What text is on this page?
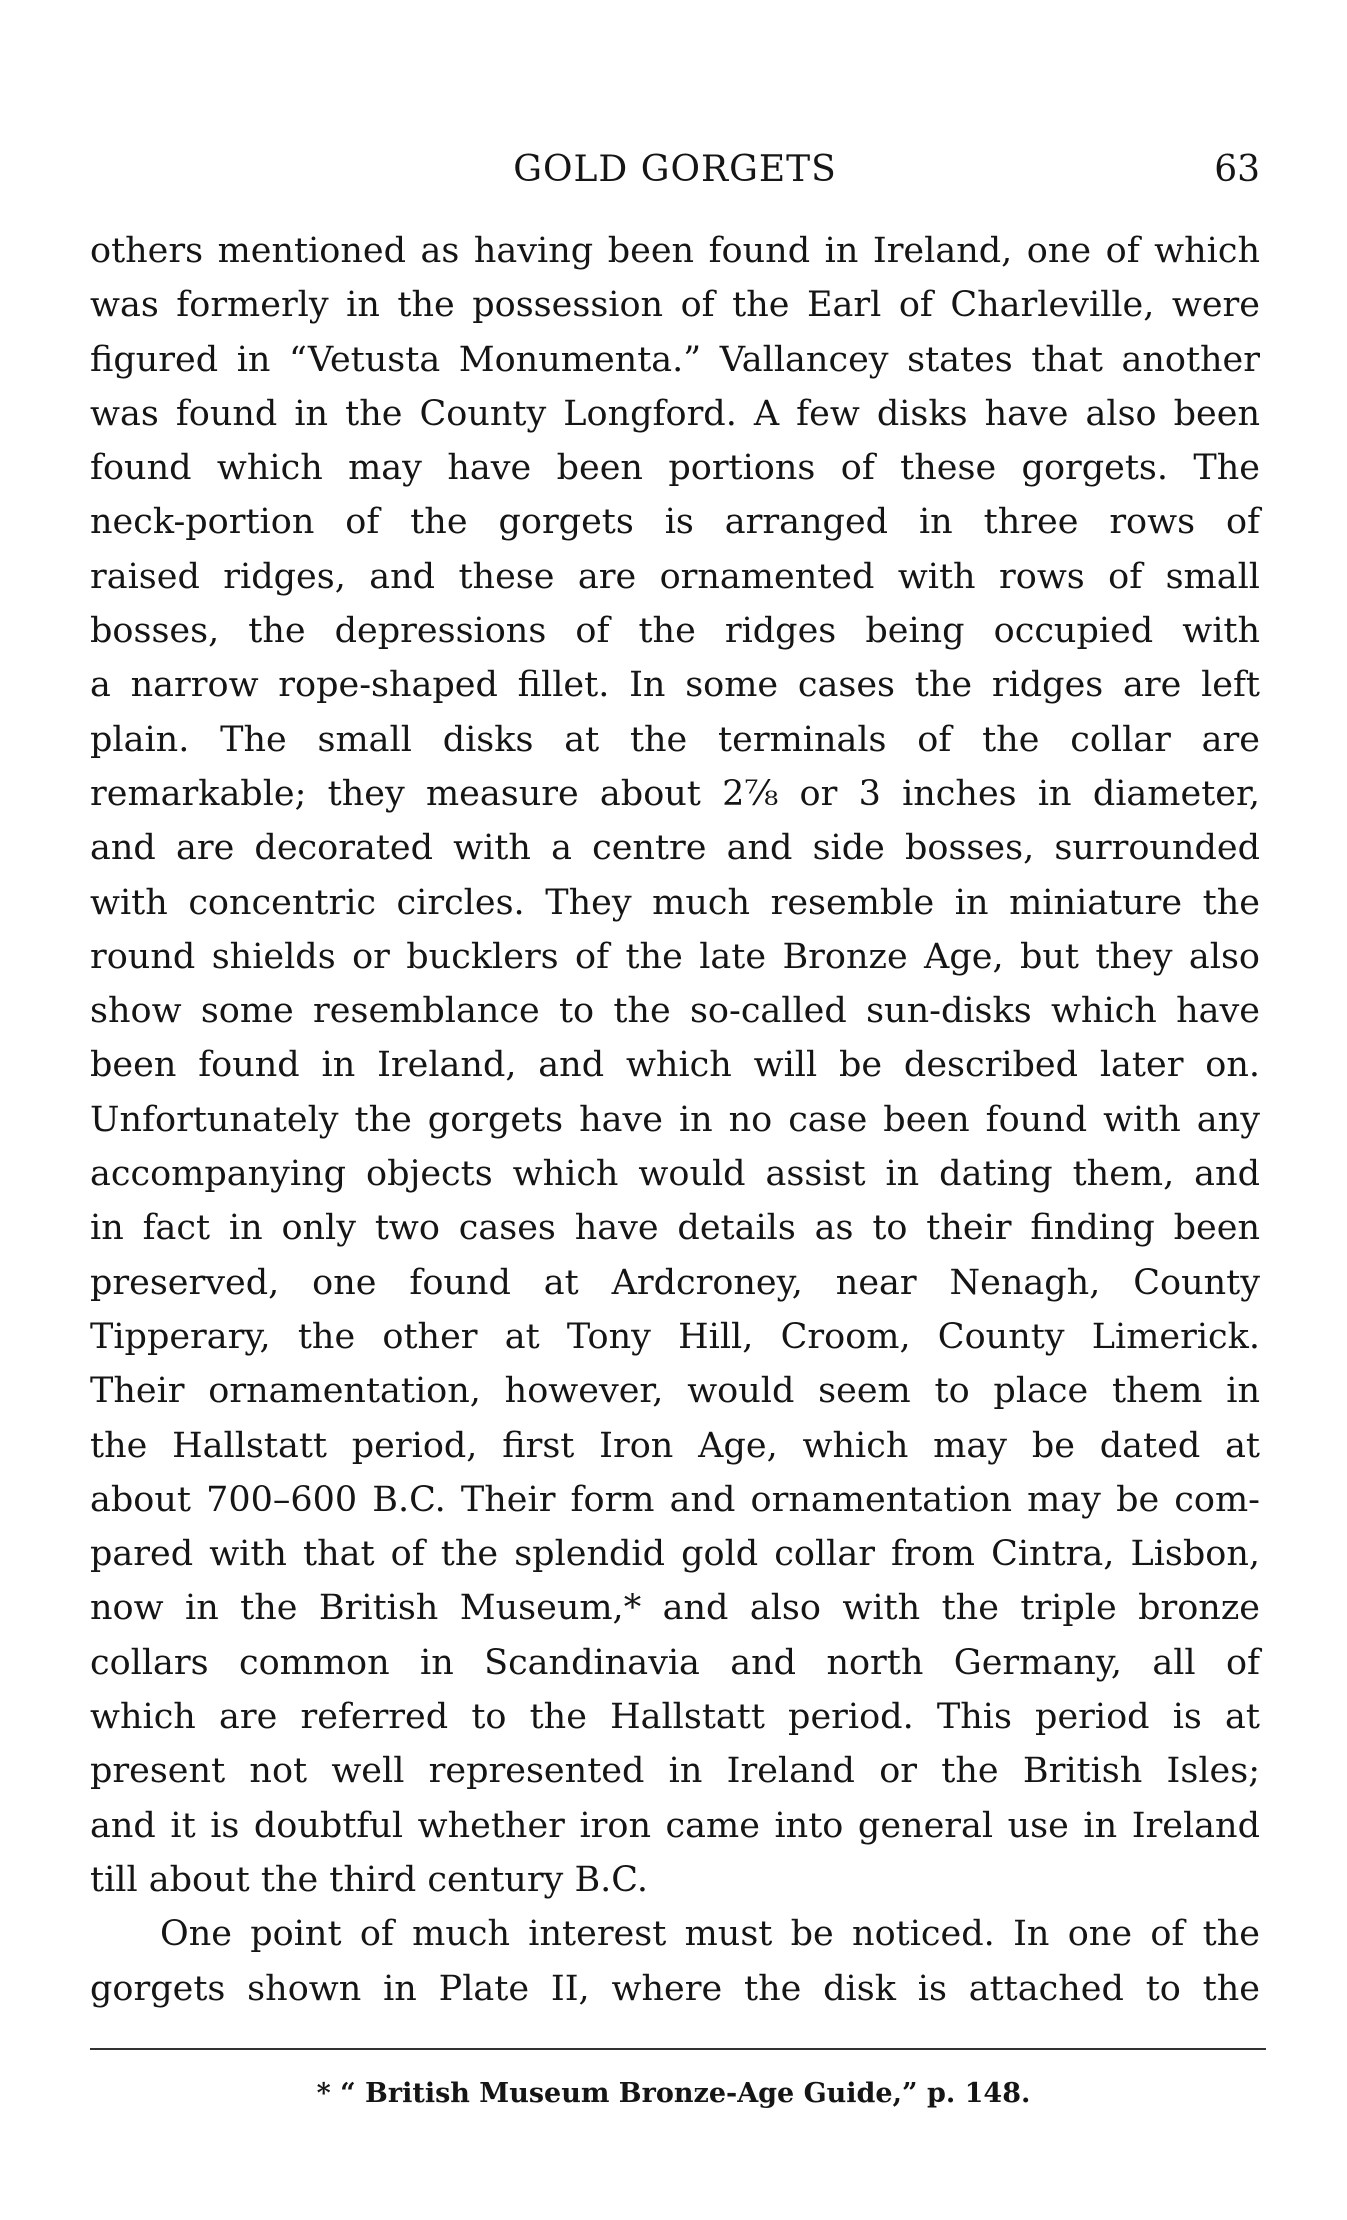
GOLD GORGETS	63
others mentioned as having been found in Ireland, one of which
was formerly in the possession of the Earl of Charleville, were
figured in “Vetusta Monumenta.” Vallancey states that another
was found in the County Longford. A few disks have also been
found which may have been portions of these gorgets. The
neck-portion of the gorgets is arranged in three rows of
raised ridges, and these are ornamented with rows of small
bosses, the depressions of the ridges being occupied with
a narrow rope-shaped fillet. In some cases the ridges are left
plain. The small disks at the terminals of the collar are
remarkable; they measure about 2⅞ or 3 inches in diameter,
and are decorated with a centre and side bosses, surrounded
with concentric circles. They much resemble in miniature the
round shields or bucklers of the late Bronze Age, but they also
show some resemblance to the so-called sun-disks which have
been found in Ireland, and which will be described later on.
Unfortunately the gorgets have in no case been found with any
accompanying objects which would assist in dating them, and
in fact in only two cases have details as to their finding been
preserved, one found at Ardcroney, near Nenagh, County
Tipperary, the other at Tony Hill, Croom, County Limerick.
Their ornamentation, however, would seem to place them in
the Hallstatt period, first Iron Age, which may be dated at
about 700–600 B.C. Their form and ornamentation may be com-
pared with that of the splendid gold collar from Cintra, Lisbon,
now in the British Museum,* and also with the triple bronze
collars common in Scandinavia and north Germany, all of
which are referred to the Hallstatt period. This period is at
present not well represented in Ireland or the British Isles;
and it is doubtful whether iron came into general use in Ireland
till about the third century B.C.
One point of much interest must be noticed. In one of the
gorgets shown in Plate II, where the disk is attached to the
* “ British Museum Bronze-Age Guide,” p. 148.
